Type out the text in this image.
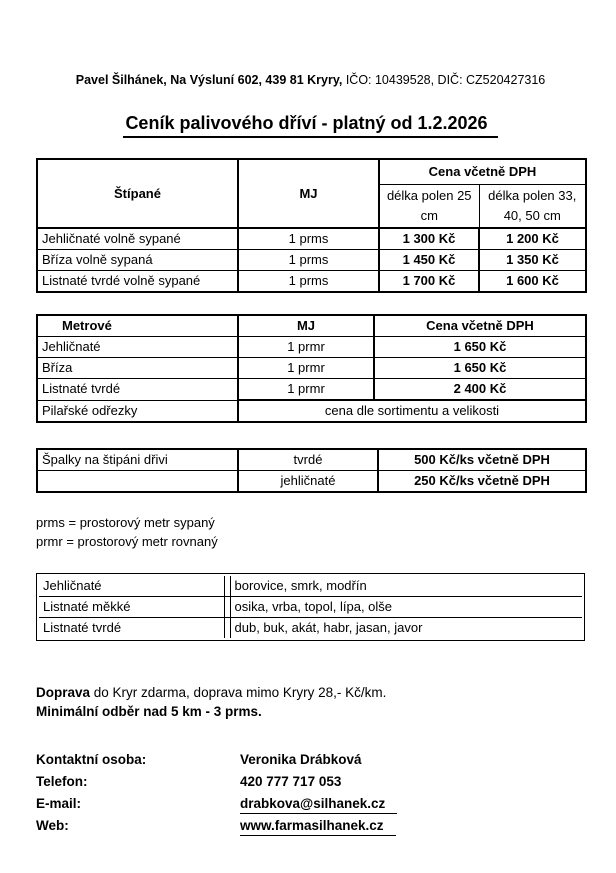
Pavel Šilhánek, Na Výsluní 602, 439 81 Kryry, IČO: 10439528, DIČ: CZ520427316
Ceník palivového dříví - platný od 1.2.2026
Štípané	MJ	Cena včetně DPH	
		délka polen 25 cm	délka polen 33, 40, 50 cm
Jehličnaté volně sypané	1 prms	1 300 Kč	1 200 Kč
Bříza volně sypaná	1 prms	1 450 Kč	1 350 Kč
Listnaté tvrdé volně sypané	1 prms	1 700 Kč	1 600 Kč
Metrové	MJ	Cena včetně DPH
Jehličnaté	1 prmr	1 650 Kč
Bříza	1 prmr	1 650 Kč
Listnaté tvrdé	1 prmr	2 400 Kč
Pilařské odřezky	cena dle sortimentu a velikosti	
Špalky na štipáni dřivi	tvrdé	500 Kč/ks včetně DPH
	jehličnaté	250 Kč/ks včetně DPH
prms = prostorový metr sypaný
prmr = prostorový metr rovnaný
Jehličnaté		borovice, smrk, modřín
Listnaté měkké		osika, vrba, topol, lípa, olše
Listnaté tvrdé		dub, buk, akát, habr, jasan, javor
Doprava do Kryr zdarma, doprava mimo Kryry 28,- Kč/km.
Minimální odběr nad 5 km - 3 prms.
Kontaktní osoba:	Veronika Drábková
Telefon:	420 777 717 053
E-mail:	drabkova@silhanek.cz
Web:	www.farmasilhanek.cz
